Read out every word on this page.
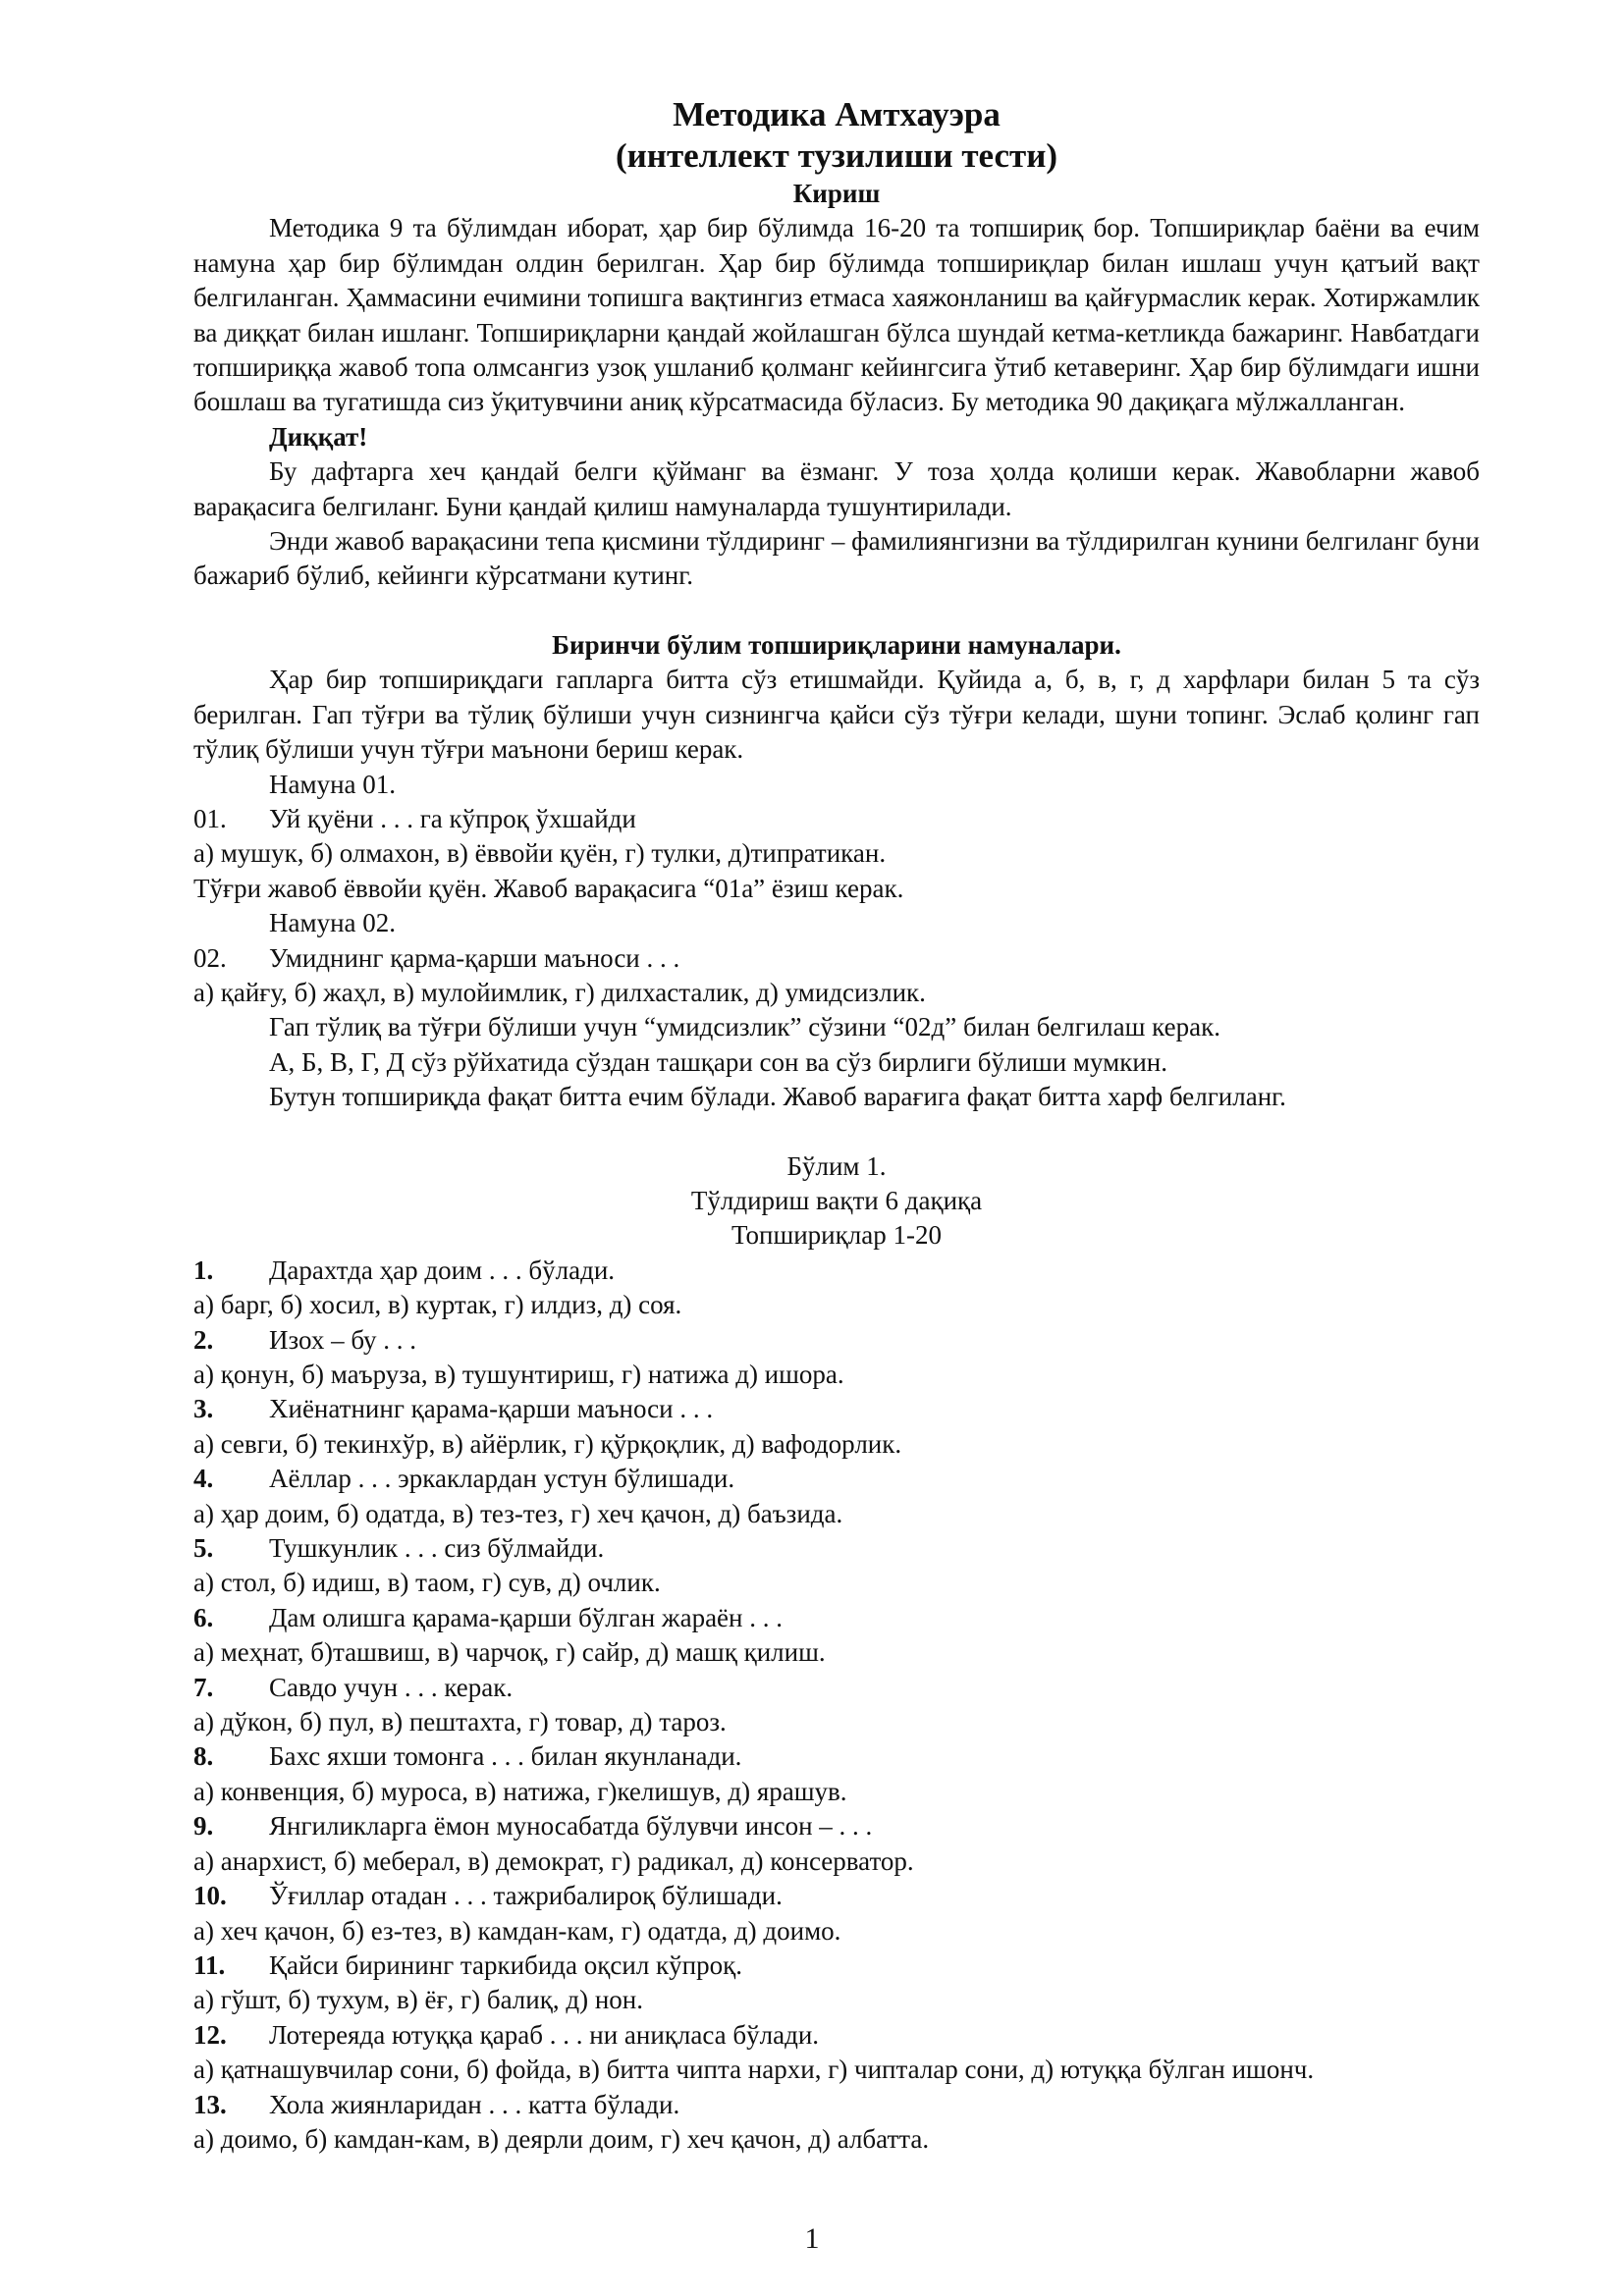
Методика Амтхауэра
(интеллект тузилиши тести)
Кириш
Методика 9 та бўлимдан иборат, ҳар бир бўлимда 16-20 та топшириқ бор. Топшириқлар баёни ва ечим намуна ҳар бир бўлимдан олдин берилган. Ҳар бир бўлимда топшириқлар билан ишлаш учун қатъий вақт белгиланган. Ҳаммасини ечимини топишга вақтингиз етмаса хаяжонланиш ва қайғурмаслик керак. Хотиржамлик ва диққат билан ишланг. Топшириқларни қандай жойлашган бўлса шундай кетма-кетликда бажаринг. Навбатдаги топшириққа жавоб топа олмсангиз узоқ ушланиб қолманг кейингсига ўтиб кетаверинг. Ҳар бир бўлимдаги ишни бошлаш ва тугатишда сиз ўқитувчини аниқ кўрсатмасида бўласиз. Бу методика 90 дақиқага мўлжалланган.
Диққат!
Бу дафтарга хеч қандай белги қўйманг ва ёзманг. У тоза ҳолда қолиши керак. Жавобларни жавоб варақасига белгиланг. Буни қандай қилиш намуналарда тушунтирилади.
Энди жавоб варақасини тепа қисмини тўлдиринг – фамилиянгизни ва тўлдирилган кунини белгиланг буни бажариб бўлиб, кейинги кўрсатмани кутинг.
Биринчи бўлим топшириқларини намуналари.
Ҳар бир топшириқдаги гапларга битта сўз етишмайди. Қуйида а, б, в, г, д харфлари билан 5 та сўз берилган. Гап тўғри ва тўлиқ бўлиши учун сизнингча қайси сўз тўғри келади, шуни топинг. Эслаб қолинг гап тўлиқ бўлиши учун тўғри маънони бериш керак.
Намуна 01.
01.	Уй қуёни . . . га кўпроқ ўхшайди
а) мушук, б) олмахон, в) ёввойи қуён, г) тулки, д)типратикан.
Тўғри жавоб ёввойи қуён. Жавоб варақасига “01а” ёзиш керак.
Намуна 02.
02.	Умиднинг қарма-қарши маъноси . . .
а) қайғу, б) жаҳл, в) мулойимлик, г) дилхасталик, д) умидсизлик.
Гап тўлиқ ва тўғри бўлиши учун “умидсизлик” сўзини “02д” билан белгилаш керак.
А, Б, В, Г, Д сўз рўйхатида сўздан ташқари сон ва сўз бирлиги бўлиши мумкин.
Бутун топшириқда фақат битта ечим бўлади. Жавоб варағига фақат битта харф белгиланг.
Бўлим 1.
Тўлдириш вақти 6 дақиқа
Топшириқлар 1-20
1.	Дарахтда ҳар доим . . . бўлади.
а) барг, б) хосил, в) куртак, г) илдиз, д) соя.
2.	Изох – бу . . .
а) қонун, б) маъруза, в) тушунтириш, г) натижа д) ишора.
3.	Хиёнатнинг қарама-қарши маъноси . . .
а) севги, б) текинхўр, в) айёрлик, г) қўрқоқлик, д) вафодорлик.
4.	Аёллар . . . эркаклардан устун бўлишади.
а) ҳар доим, б) одатда, в) тез-тез, г) хеч қачон, д) баъзида.
5.	Тушкунлик . . . сиз бўлмайди.
а) стол, б) идиш, в) таом, г) сув, д) очлик.
6.	Дам олишга қарама-қарши бўлган жараён . . .
а) меҳнат, б)ташвиш, в) чарчоқ, г) сайр, д) машқ қилиш.
7.	Савдо учун . . . керак.
а) дўкон, б) пул, в) пештахта, г) товар, д) тароз.
8.	Бахс яхши томонга . . . билан якунланади.
а) конвенция, б) муроса, в) натижа, г)келишув, д) ярашув.
9.	Янгиликларга ёмон муносабатда бўлувчи инсон – . . .
а) анархист, б) меберал, в) демократ, г) радикал, д) консерватор.
10.	Ўғиллар отадан . . . тажрибалироқ бўлишади.
а) хеч қачон, б) ез-тез, в) камдан-кам, г) одатда, д) доимо.
11.	Қайси бирининг таркибида оқсил кўпроқ.
а) гўшт, б) тухум, в) ёғ, г) балиқ, д) нон.
12.	Лотереяда ютуққа қараб . . . ни аниқласа бўлади.
а) қатнашувчилар сони, б) фойда, в) битта чипта нархи, г) чипталар сони, д) ютуққа бўлган ишонч.
13.	Хола жиянларидан . . . катта бўлади.
а) доимо, б) камдан-кам, в) деярли доим, г) хеч қачон, д) албатта.
1
